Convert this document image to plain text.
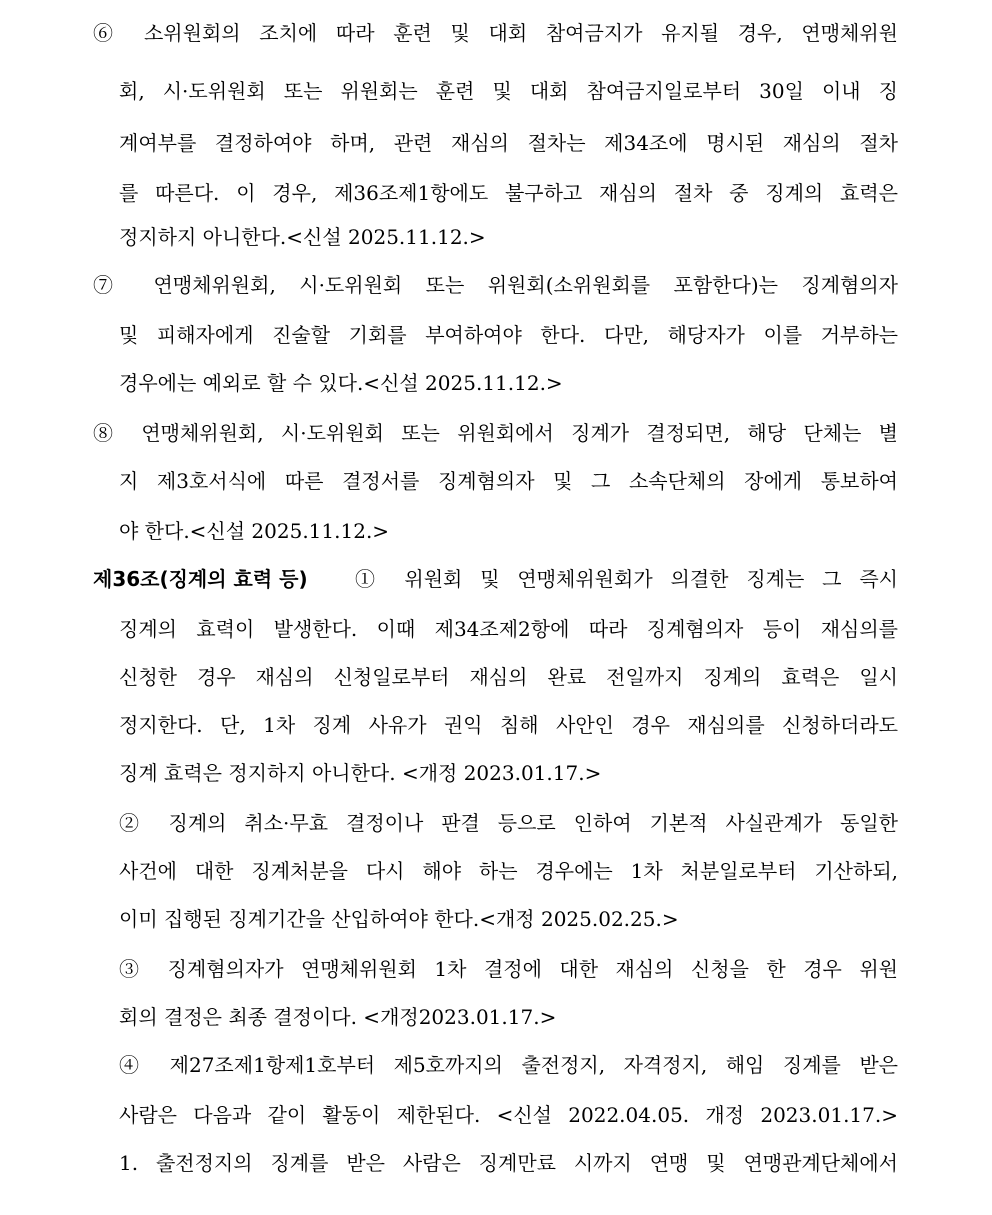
⑥ 소위원회의 조치에 따라 훈련 및 대회 참여금지가 유지될 경우, 연맹체위원
회, 시·도위원회 또는 위원회는 훈련 및 대회 참여금지일로부터 30일 이내 징
계여부를 결정하여야 하며, 관련 재심의 절차는 제34조에 명시된 재심의 절차
를 따른다. 이 경우, 제36조제1항에도 불구하고 재심의 절차 중 징계의 효력은
정지하지 아니한다.<신설 2025.11.12.>
⑦ 연맹체위원회, 시·도위원회 또는 위원회(소위원회를 포함한다)는 징계혐의자
및 피해자에게 진술할 기회를 부여하여야 한다. 다만, 해당자가 이를 거부하는
경우에는 예외로 할 수 있다.<신설 2025.11.12.>
⑧ 연맹체위원회, 시·도위원회 또는 위원회에서 징계가 결정되면, 해당 단체는 별
지 제3호서식에 따른 결정서를 징계혐의자 및 그 소속단체의 장에게 통보하여
야 한다.<신설 2025.11.12.>
제36조(징계의 효력 등)	① 위원회 및 연맹체위원회가 의결한 징계는 그 즉시
징계의 효력이 발생한다. 이때 제34조제2항에 따라 징계혐의자 등이 재심의를
신청한 경우 재심의 신청일로부터 재심의 완료 전일까지 징계의 효력은 일시
정지한다. 단, 1차 징계 사유가 권익 침해 사안인 경우 재심의를 신청하더라도
징계 효력은 정지하지 아니한다. <개정 2023.01.17.>
② 징계의 취소·무효 결정이나 판결 등으로 인하여 기본적 사실관계가 동일한
사건에 대한 징계처분을 다시 해야 하는 경우에는 1차 처분일로부터 기산하되,
이미 집행된 징계기간을 산입하여야 한다.<개정 2025.02.25.>
③ 징계혐의자가 연맹체위원회 1차 결정에 대한 재심의 신청을 한 경우 위원
회의 결정은 최종 결정이다. <개정2023.01.17.>
④ 제27조제1항제1호부터 제5호까지의 출전정지, 자격정지, 해임 징계를 받은
사람은 다음과 같이 활동이 제한된다. <신설 2022.04.05. 개정 2023.01.17.>
1. 출전정지의 징계를 받은 사람은 징계만료 시까지 연맹 및 연맹관계단체에서
